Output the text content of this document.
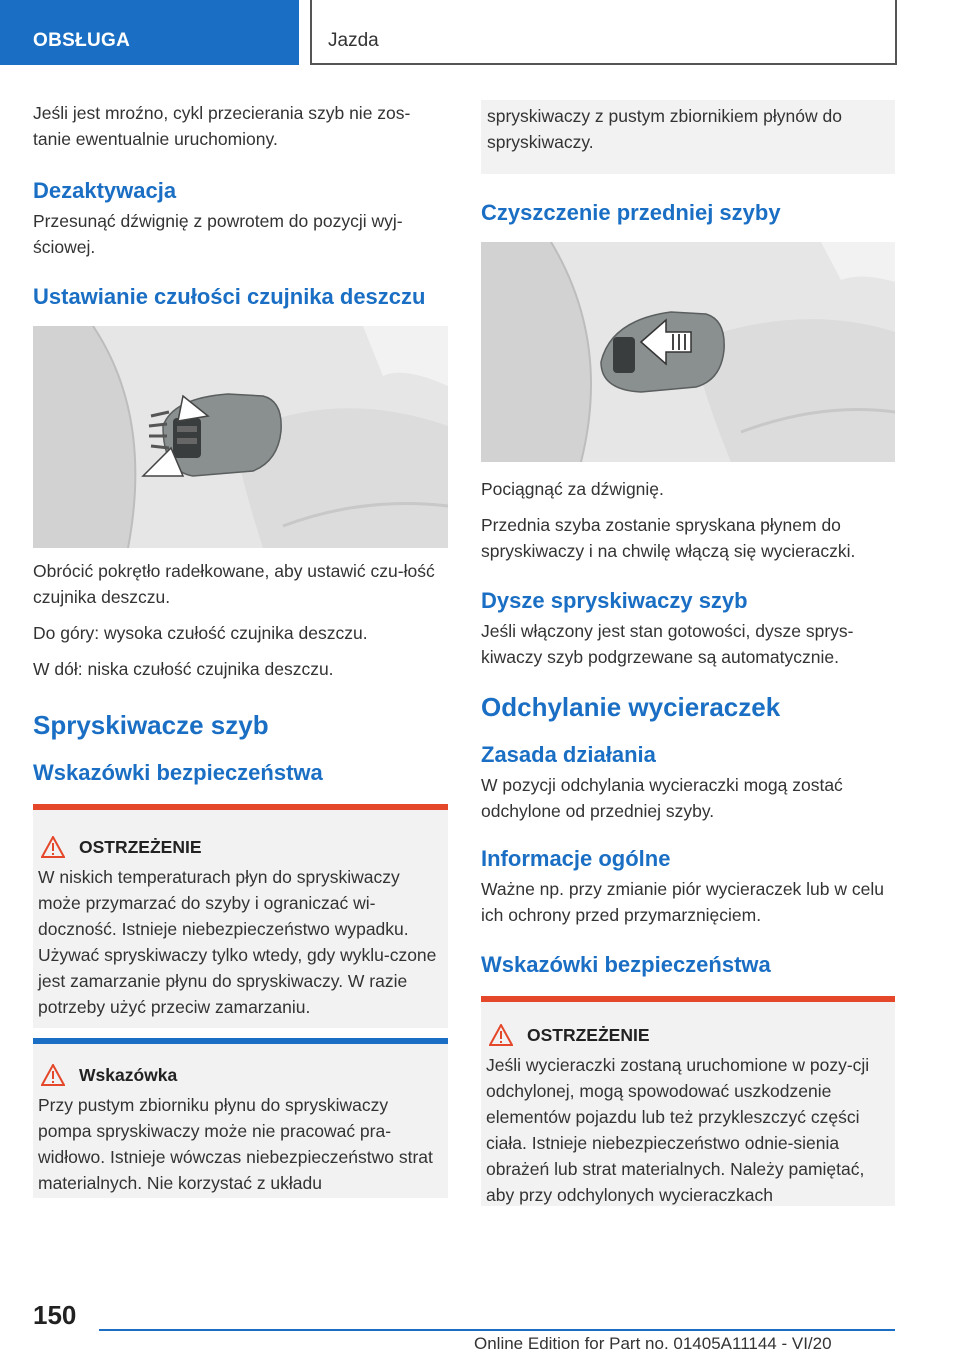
OBSŁUGA	Jazda

Jeśli jest mroźno, cykl przecierania szyb nie zos‐tanie ewentualnie uruchomiony.

Dezaktywacja

Przesunąć dźwignię z powrotem do pozycji wyj‐ściowej.

Ustawianie czułości czujnika deszczu

Obrócić pokrętło radełkowane, aby ustawić czu‐łość czujnika deszczu.

Do góry: wysoka czułość czujnika deszczu.

W dół: niska czułość czujnika deszczu.

Spryskiwacze szyb
Wskazówki bezpieczeństwa
OSTRZEŻENIE
W niskich temperaturach płyn do spryskiwaczy może przymarzać do szyby i ograniczać wi‐doczność. Istnieje niebezpieczeństwo wypadku. Używać spryskiwaczy tylko wtedy, gdy wyklu‐czone jest zamarzanie płynu do spryskiwaczy. W razie potrzeby użyć przeciw zamarzaniu.
Wskazówka
Przy pustym zbiorniku płynu do spryskiwaczy pompa spryskiwaczy może nie pracować pra‐widłowo. Istnieje wówczas niebezpieczeństwo strat materialnych. Nie korzystać z układu
spryskiwaczy z pustym zbiornikiem płynów do spryskiwaczy.
Czyszczenie przedniej szyby

Pociągnąć za dźwignię.

Przednia szyba zostanie spryskana płynem do spryskiwaczy i na chwilę włączą się wycieraczki.

Dysze spryskiwaczy szyb

Jeśli włączony jest stan gotowości, dysze sprys‐kiwaczy szyb podgrzewane są automatycznie.

Odchylanie wycieraczek
Zasada działania

W pozycji odchylania wycieraczki mogą zostać odchylone od przedniej szyby.

Informacje ogólne

Ważne np. przy zmianie piór wycieraczek lub w celu ich ochrony przed przymarznięciem.

Wskazówki bezpieczeństwa
OSTRZEŻENIE
Jeśli wycieraczki zostaną uruchomione w pozy‐cji odchylonej, mogą spowodować uszkodzenie elementów pojazdu lub też przykleszczyć części ciała. Istnieje niebezpieczeństwo odnie‐sienia obrażeń lub strat materialnych. Należy pamiętać, aby przy odchylonych wycieraczkach
150
Online Edition for Part no. 01405A11144 - VI/20
